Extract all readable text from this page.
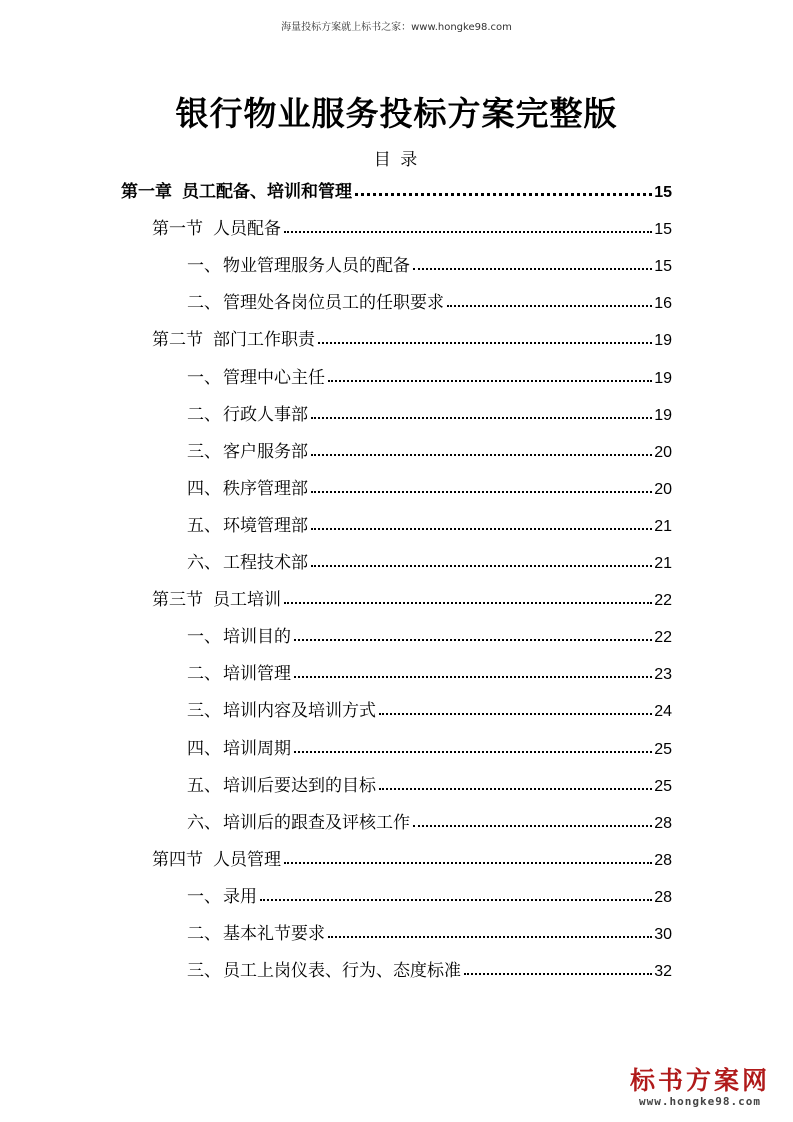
海量投标方案就上标书之家：www.hongke98.com
银行物业服务投标方案完整版
目 录
第一章 员工配备、培训和管理	15
第一节 人员配备	15
一、 物业管理服务人员的配备	15
二、 管理处各岗位员工的任职要求	16
第二节 部门工作职责	19
一、 管理中心主任	19
二、 行政人事部	19
三、 客户服务部	20
四、 秩序管理部	20
五、 环境管理部	21
六、 工程技术部	21
第三节 员工培训	22
一、 培训目的	22
二、 培训管理	23
三、 培训内容及培训方式	24
四、 培训周期	25
五、 培训后要达到的目标	25
六、 培训后的跟查及评核工作	28
第四节 人员管理	28
一、 录用	28
二、 基本礼节要求	30
三、 员工上岗仪表、行为、态度标准	32
标书方案网
www.hongke98.com
